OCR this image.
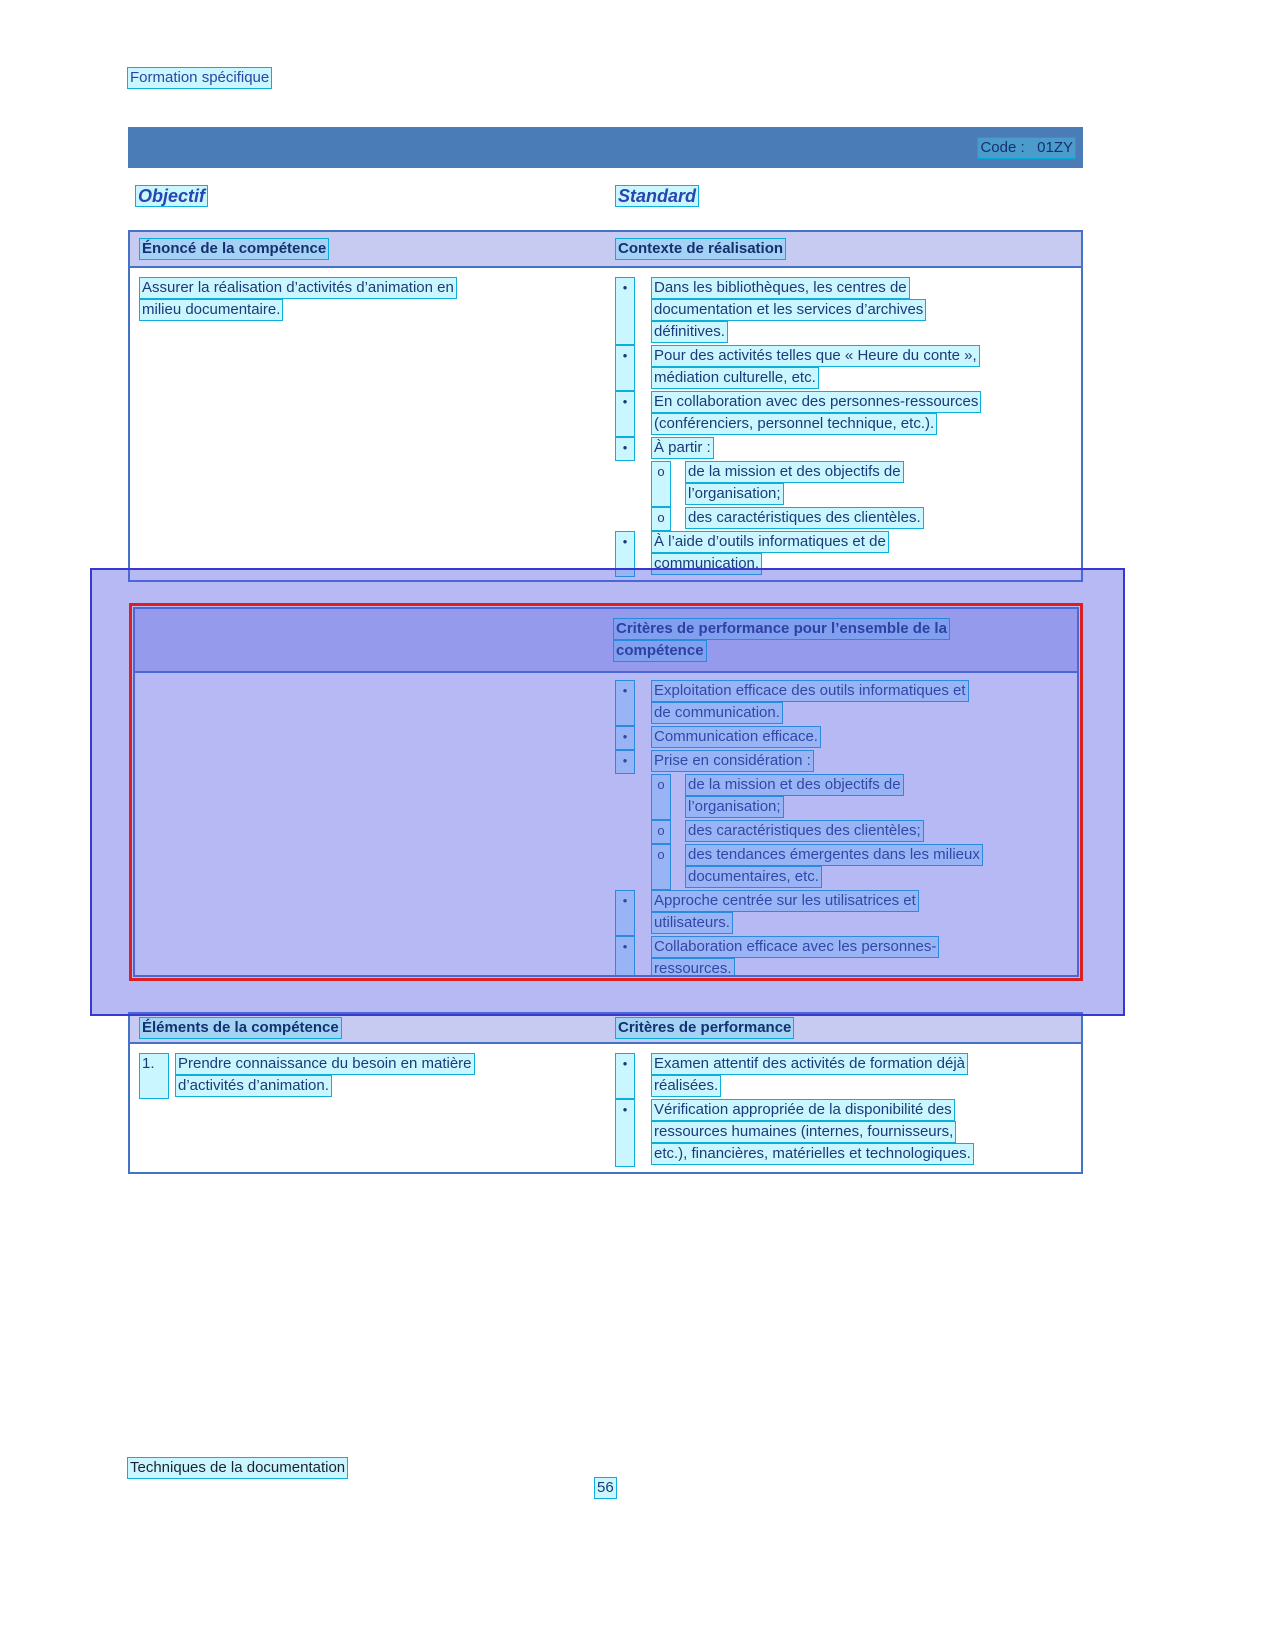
Formation spécifique
Code :   01ZY
Objectif	Standard
Énoncé de la compétence	Contexte de réalisation
Assurer la réalisation d’activités d’animation en
milieu documentaire.
•	Dans les bibliothèques, les centres de
documentation et les services d’archives
définitives.
•	Pour des activités telles que « Heure du conte »,
médiation culturelle, etc.
•	En collaboration avec des personnes-ressources
(conférenciers, personnel technique, etc.).
•	À partir :
o	de la mission et des objectifs de
l’organisation;
o	des caractéristiques des clientèles.
•	À l’aide d’outils informatiques et de
communication.
Critères de performance pour l’ensemble de la
compétence
•	Exploitation efficace des outils informatiques et
de communication.
•	Communication efficace.
•	Prise en considération :
o	de la mission et des objectifs de
l’organisation;
o	des caractéristiques des clientèles;
o	des tendances émergentes dans les milieux
documentaires, etc.
•	Approche centrée sur les utilisatrices et
utilisateurs.
•	Collaboration efficace avec les personnes-
ressources.
Éléments de la compétence	Critères de performance
1.	Prendre connaissance du besoin en matière
d’activités d’animation.
•	Examen attentif des activités de formation déjà
réalisées.
•	Vérification appropriée de la disponibilité des
ressources humaines (internes, fournisseurs,
etc.), financières, matérielles et technologiques.
Techniques de la documentation
56
